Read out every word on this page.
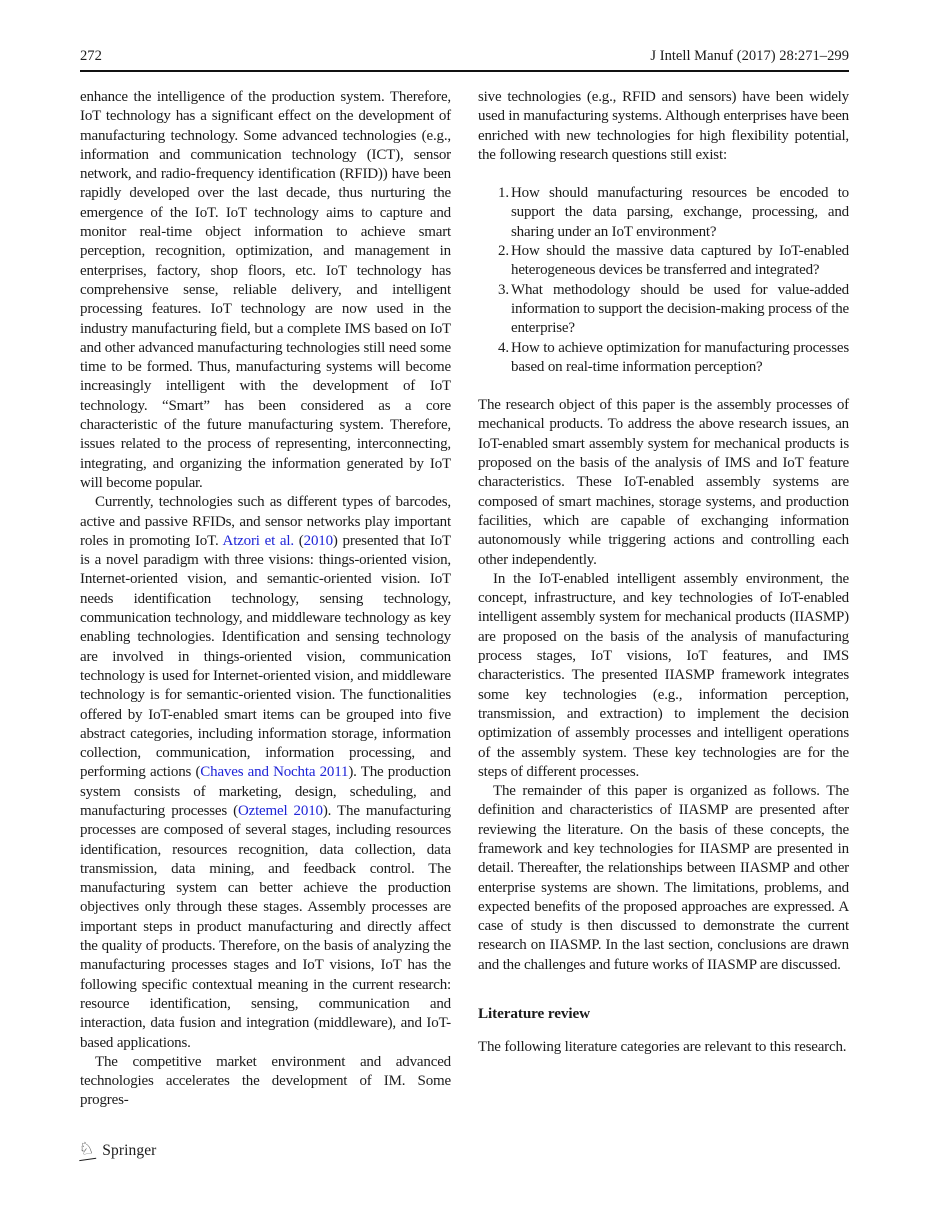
272	J Intell Manuf (2017) 28:271–299

enhance the intelligence of the production system. Therefore, IoT technology has a significant effect on the development of manufacturing technology. Some advanced technologies (e.g., information and communication technology (ICT), sensor network, and radio-frequency identification (RFID)) have been rapidly developed over the last decade, thus nurturing the emergence of the IoT. IoT technology aims to capture and monitor real-time object information to achieve smart perception, recognition, optimization, and management in enterprises, factory, shop floors, etc. IoT technology has comprehensive sense, reliable delivery, and intelligent processing features. IoT technology are now used in the industry manufacturing field, but a complete IMS based on IoT and other advanced manufacturing technologies still need some time to be formed. Thus, manufacturing systems will become increasingly intelligent with the development of IoT technology. “Smart” has been considered as a core characteristic of the future manufacturing system. Therefore, issues related to the process of representing, interconnecting, integrating, and organizing the information generated by IoT will become popular.

Currently, technologies such as different types of barcodes, active and passive RFIDs, and sensor networks play important roles in promoting IoT. Atzori et al. (2010) presented that IoT is a novel paradigm with three visions: things-oriented vision, Internet-oriented vision, and semantic-oriented vision. IoT needs identification technology, sensing technology, communication technology, and middleware technology as key enabling technologies. Identification and sensing technology are involved in things-oriented vision, communication technology is used for Internet-oriented vision, and middleware technology is for semantic-oriented vision. The functionalities offered by IoT-enabled smart items can be grouped into five abstract categories, including information storage, information collection, communication, information processing, and performing actions (Chaves and Nochta 2011). The production system consists of marketing, design, scheduling, and manufacturing processes (Oztemel 2010). The manufacturing processes are composed of several stages, including resources identification, resources recognition, data collection, data transmission, data mining, and feedback control. The manufacturing system can better achieve the production objectives only through these stages. Assembly processes are important steps in product manufacturing and directly affect the quality of products. Therefore, on the basis of analyzing the manufacturing processes stages and IoT visions, IoT has the following specific contextual meaning in the current research: resource identification, sensing, communication and interaction, data fusion and integration (middleware), and IoT-based applications.

The competitive market environment and advanced technologies accelerates the development of IM. Some progres-

sive technologies (e.g., RFID and sensors) have been widely used in manufacturing systems. Although enterprises have been enriched with new technologies for high flexibility potential, the following research questions still exist:

1. How should manufacturing resources be encoded to support the data parsing, exchange, processing, and sharing under an IoT environment?
2. How should the massive data captured by IoT-enabled heterogeneous devices be transferred and integrated?
3. What methodology should be used for value-added information to support the decision-making process of the enterprise?
4. How to achieve optimization for manufacturing processes based on real-time information perception?

The research object of this paper is the assembly processes of mechanical products. To address the above research issues, an IoT-enabled smart assembly system for mechanical products is proposed on the basis of the analysis of IMS and IoT feature characteristics. These IoT-enabled assembly systems are composed of smart machines, storage systems, and production facilities, which are capable of exchanging information autonomously while triggering actions and controlling each other independently.

In the IoT-enabled intelligent assembly environment, the concept, infrastructure, and key technologies of IoT-enabled intelligent assembly system for mechanical products (IIASMP) are proposed on the basis of the analysis of manufacturing process stages, IoT visions, IoT features, and IMS characteristics. The presented IIASMP framework integrates some key technologies (e.g., information perception, transmission, and extraction) to implement the decision optimization of assembly processes and intelligent operations of the assembly system. These key technologies are for the steps of different processes.

The remainder of this paper is organized as follows. The definition and characteristics of IIASMP are presented after reviewing the literature. On the basis of these concepts, the framework and key technologies for IIASMP are presented in detail. Thereafter, the relationships between IIASMP and other enterprise systems are shown. The limitations, problems, and expected benefits of the proposed approaches are expressed. A case of study is then discussed to demonstrate the current research on IIASMP. In the last section, conclusions are drawn and the challenges and future works of IIASMP are discussed.

Literature review

The following literature categories are relevant to this research.

♘ Springer
